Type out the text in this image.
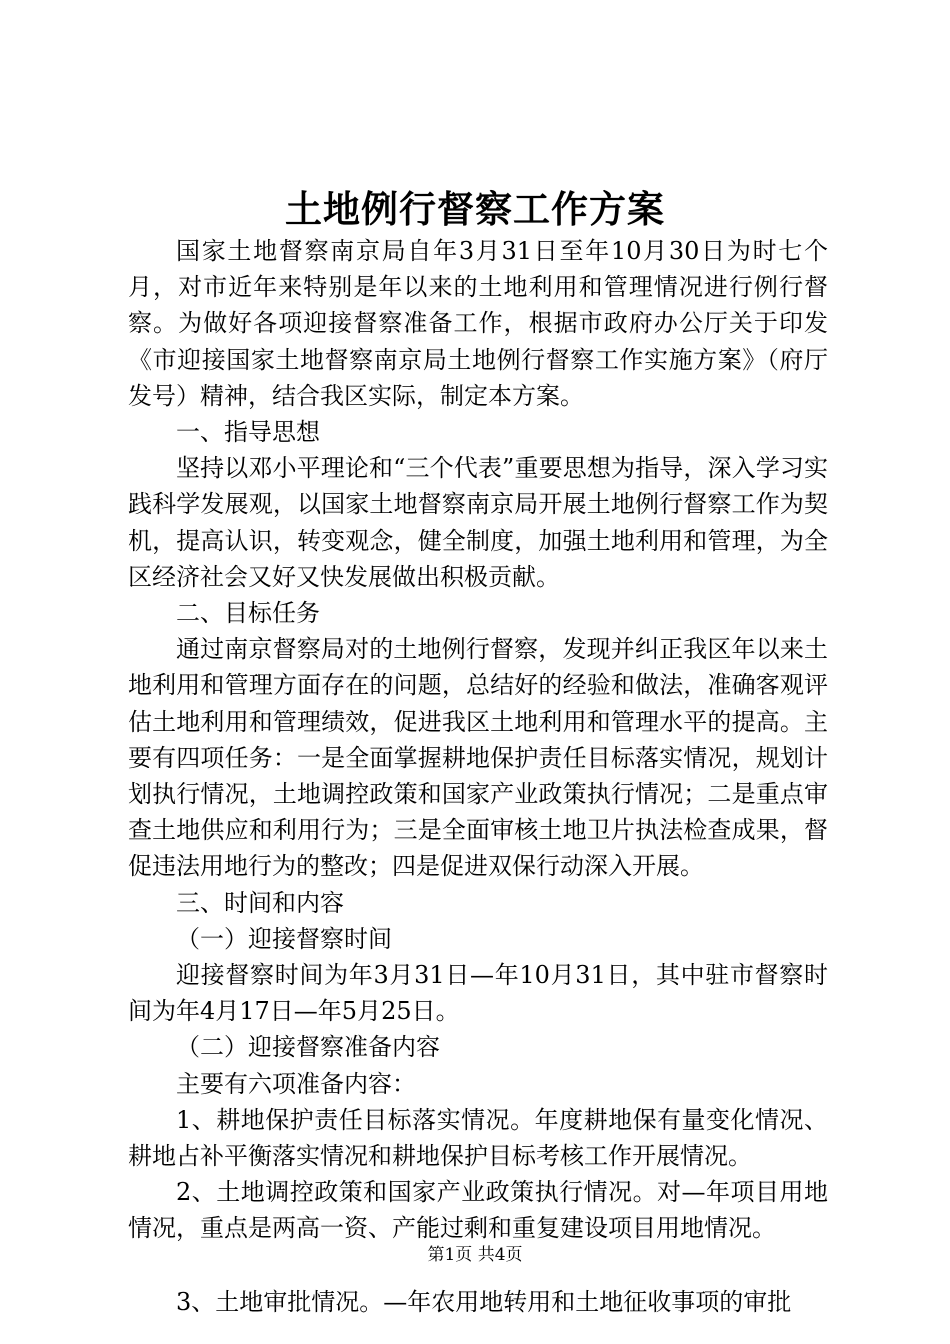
土地例行督察工作方案

国家土地督察南京局自年3月31日至年10月30日为时七个月，对市近年来特别是年以来的土地利用和管理情况进行例行督察。为做好各项迎接督察准备工作，根据市政府办公厅关于印发《市迎接国家土地督察南京局土地例行督察工作实施方案》（府厅发号）精神，结合我区实际，制定本方案。

一、指导思想

坚持以邓小平理论和“三个代表”重要思想为指导，深入学习实践科学发展观，以国家土地督察南京局开展土地例行督察工作为契机，提高认识，转变观念，健全制度，加强土地利用和管理，为全区经济社会又好又快发展做出积极贡献。

二、目标任务

通过南京督察局对的土地例行督察，发现并纠正我区年以来土地利用和管理方面存在的问题，总结好的经验和做法，准确客观评估土地利用和管理绩效，促进我区土地利用和管理水平的提高。主要有四项任务：一是全面掌握耕地保护责任目标落实情况，规划计划执行情况，土地调控政策和国家产业政策执行情况；二是重点审查土地供应和利用行为；三是全面审核土地卫片执法检查成果，督促违法用地行为的整改；四是促进双保行动深入开展。

三、时间和内容

（一）迎接督察时间

迎接督察时间为年3月31日—年10月31日，其中驻市督察时间为年4月17日—年5月25日。

（二）迎接督察准备内容

主要有六项准备内容：

1、耕地保护责任目标落实情况。年度耕地保有量变化情况、耕地占补平衡落实情况和耕地保护目标考核工作开展情况。

2、土地调控政策和国家产业政策执行情况。对—年项目用地情况，重点是两高一资、产能过剩和重复建设项目用地情况。

3、土地审批情况。—年农用地转用和土地征收事项的审批

第1页 共4页
